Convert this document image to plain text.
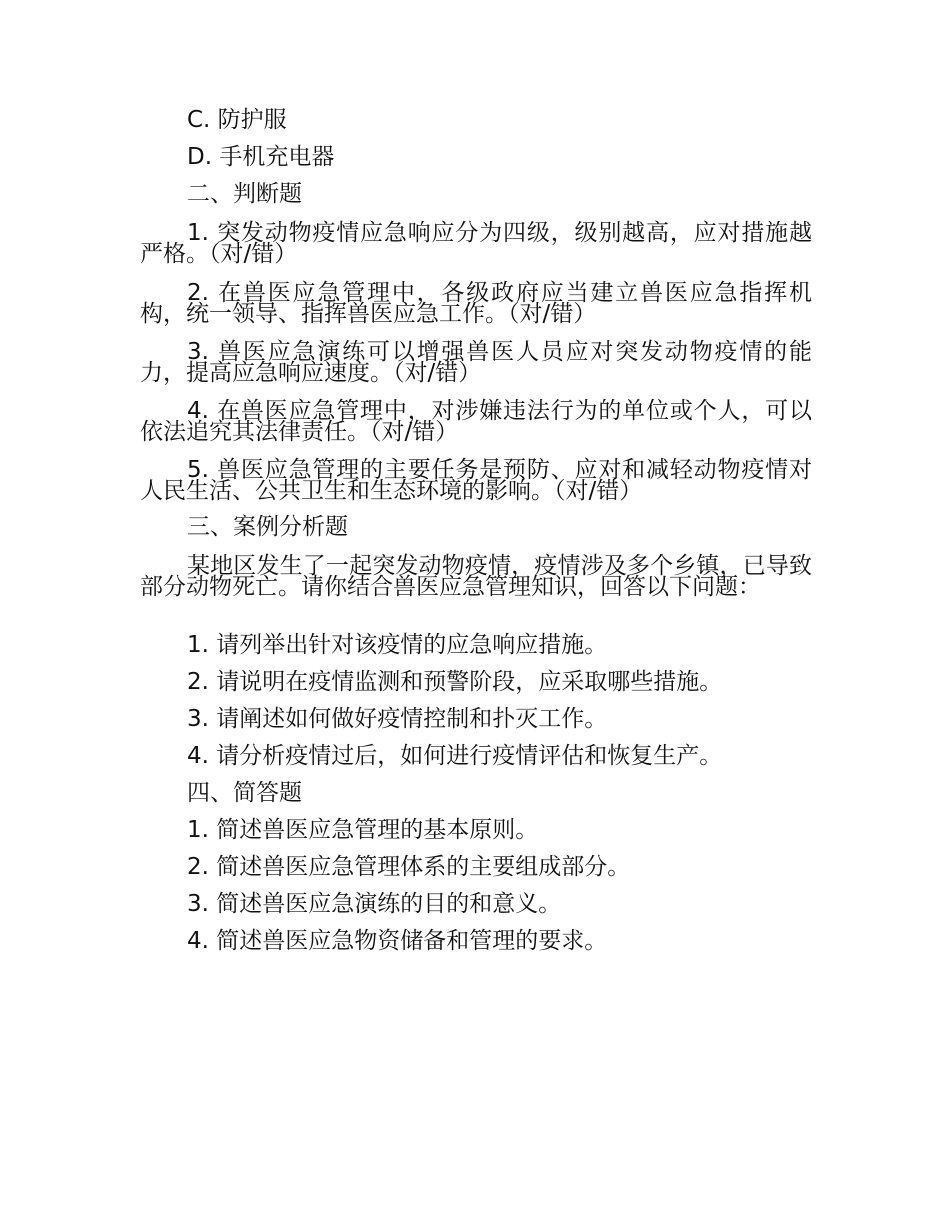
C. 防护服
D. 手机充电器
二、判断题
1. 突发动物疫情应急响应分为四级，级别越高，应对措施越严格。（对/错）
2. 在兽医应急管理中，各级政府应当建立兽医应急指挥机构，统一领导、指挥兽医应急工作。（对/错）
3. 兽医应急演练可以增强兽医人员应对突发动物疫情的能力，提高应急响应速度。（对/错）
4. 在兽医应急管理中，对涉嫌违法行为的单位或个人，可以依法追究其法律责任。（对/错）
5. 兽医应急管理的主要任务是预防、应对和减轻动物疫情对人民生活、公共卫生和生态环境的影响。（对/错）
三、案例分析题
某地区发生了一起突发动物疫情，疫情涉及多个乡镇，已导致部分动物死亡。请你结合兽医应急管理知识，回答以下问题：
1. 请列举出针对该疫情的应急响应措施。
2. 请说明在疫情监测和预警阶段，应采取哪些措施。
3. 请阐述如何做好疫情控制和扑灭工作。
4. 请分析疫情过后，如何进行疫情评估和恢复生产。
四、简答题
1. 简述兽医应急管理的基本原则。
2. 简述兽医应急管理体系的主要组成部分。
3. 简述兽医应急演练的目的和意义。
4. 简述兽医应急物资储备和管理的要求。
